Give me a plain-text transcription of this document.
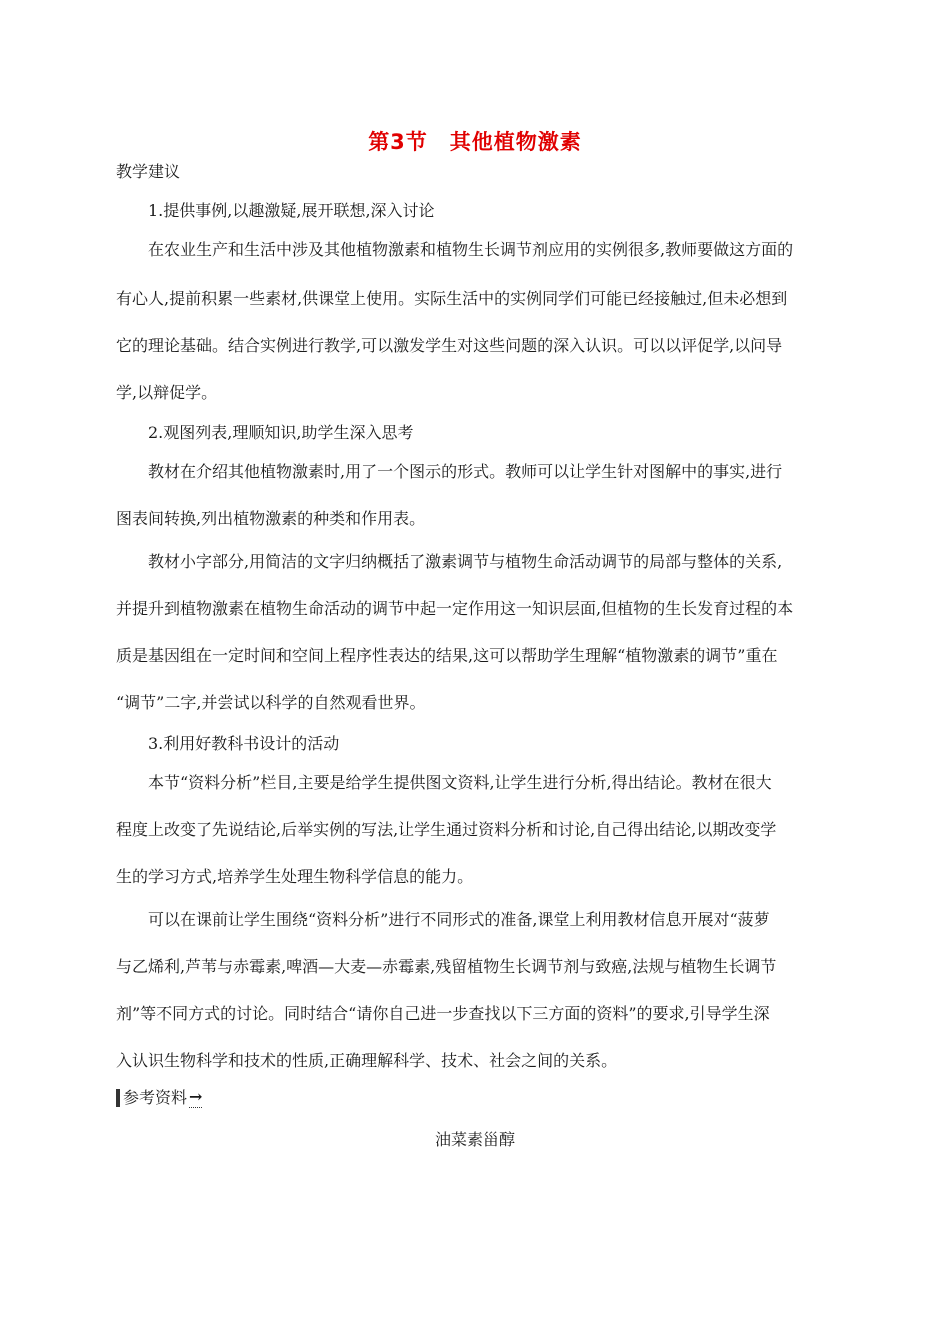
第3节　其他植物激素
教学建议
1.提供事例,以趣激疑,展开联想,深入讨论
在农业生产和生活中涉及其他植物激素和植物生长调节剂应用的实例很多,教师要做这方面的
有心人,提前积累一些素材,供课堂上使用。实际生活中的实例同学们可能已经接触过,但未必想到
它的理论基础。结合实例进行教学,可以激发学生对这些问题的深入认识。可以以评促学,以问导
学,以辩促学。
2.观图列表,理顺知识,助学生深入思考
教材在介绍其他植物激素时,用了一个图示的形式。教师可以让学生针对图解中的事实,进行
图表间转换,列出植物激素的种类和作用表。
教材小字部分,用简洁的文字归纳概括了激素调节与植物生命活动调节的局部与整体的关系,
并提升到植物激素在植物生命活动的调节中起一定作用这一知识层面,但植物的生长发育过程的本
质是基因组在一定时间和空间上程序性表达的结果,这可以帮助学生理解“植物激素的调节”重在
“调节”二字,并尝试以科学的自然观看世界。
3.利用好教科书设计的活动
本节“资料分析”栏目,主要是给学生提供图文资料,让学生进行分析,得出结论。教材在很大
程度上改变了先说结论,后举实例的写法,让学生通过资料分析和讨论,自己得出结论,以期改变学
生的学习方式,培养学生处理生物科学信息的能力。
可以在课前让学生围绕“资料分析”进行不同形式的准备,课堂上利用教材信息开展对“菠萝
与乙烯利,芦苇与赤霉素,啤酒—大麦—赤霉素,残留植物生长调节剂与致癌,法规与植物生长调节
剂”等不同方式的讨论。同时结合“请你自己进一步查找以下三方面的资料”的要求,引导学生深
入认识生物科学和技术的性质,正确理解科学、技术、社会之间的关系。
参考资料 →
油菜素甾醇
